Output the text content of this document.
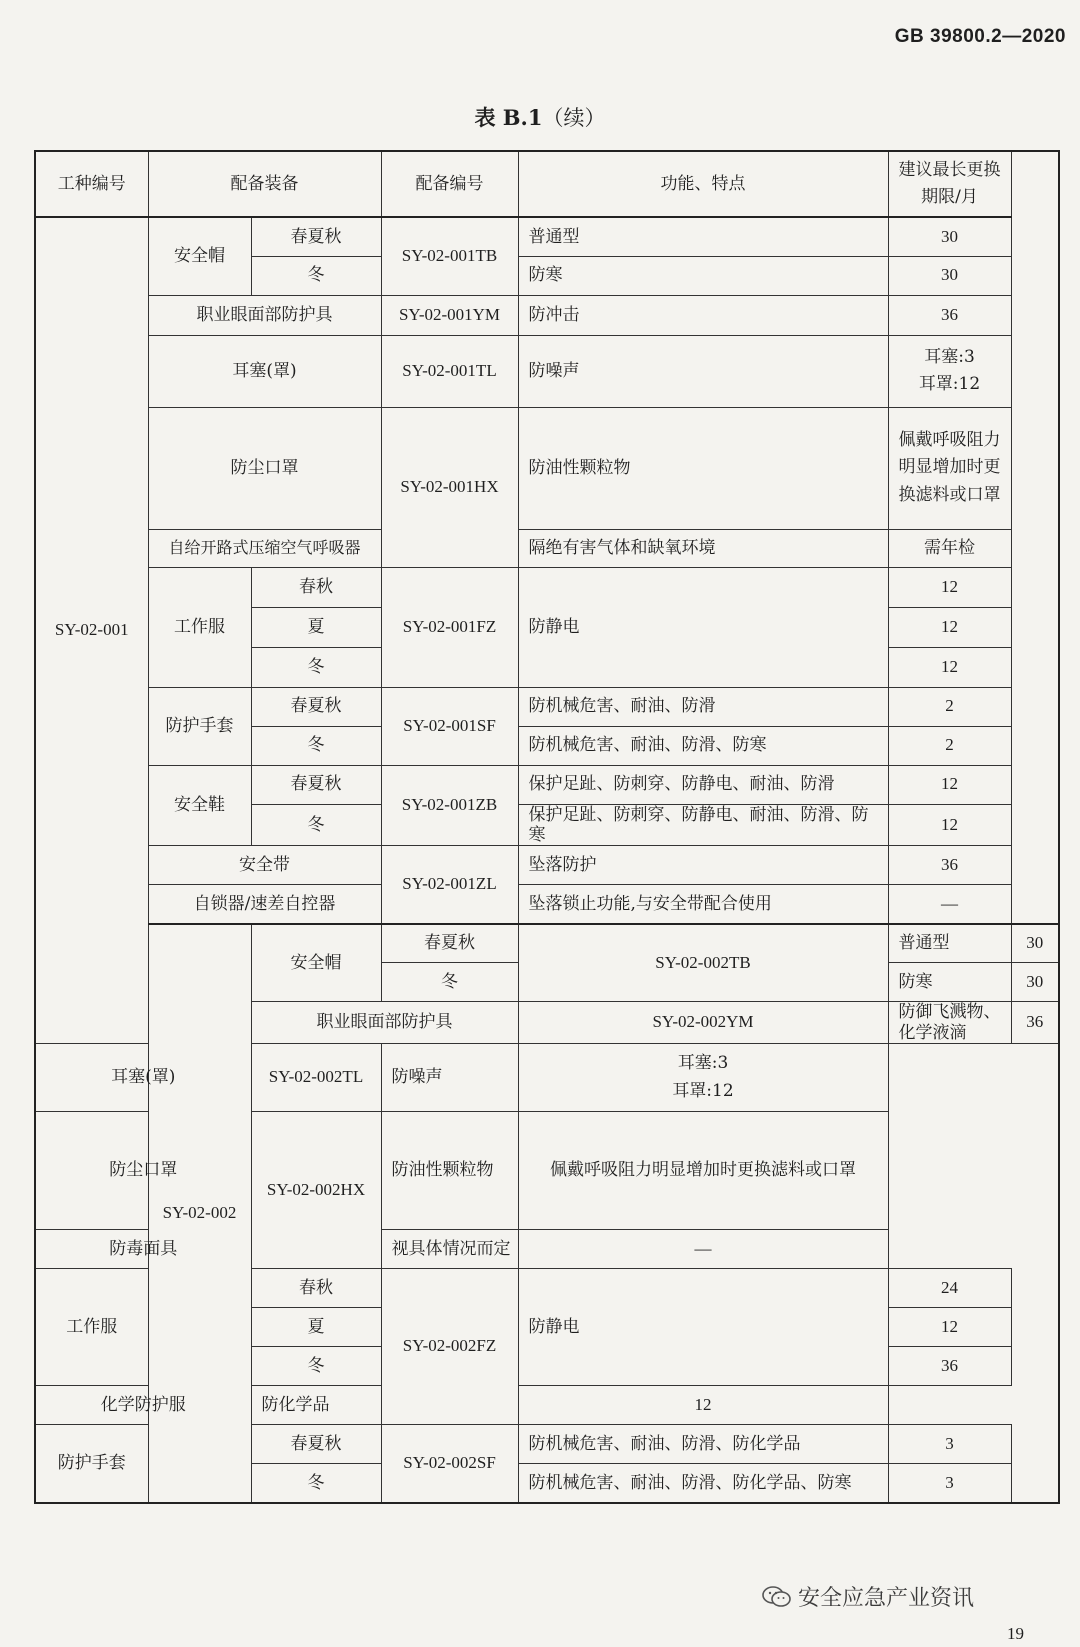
GB 39800.2—2020
表 B.1（续）
工种编号	配备装备		配备编号	功能、特点	建议最长更换期限/月	
SY-02-001	安全帽	春夏秋	SY-02-001TB	普通型	30	
		冬		防寒	30	
	职业眼面部防护具		SY-02-001YM	防冲击	36	
	耳塞(罩)		SY-02-001TL	防噪声	耳塞:3
耳罩:12	

	防尘口罩		SY-02-001HX	防油性颗粒物	佩戴呼吸阻力明显增加时更换滤料或口罩	
	自给开路式压缩空气呼吸器			隔绝有害气体和缺氧环境	需年检	
	工作服	春秋	SY-02-001FZ	防静电	12	
		夏			12	
		冬			12	
	防护手套	春夏秋	SY-02-001SF	防机械危害、耐油、防滑	2	
		冬		防机械危害、耐油、防滑、防寒	2	
	安全鞋	春夏秋	SY-02-001ZB	保护足趾、防刺穿、防静电、耐油、防滑	12	
		冬		保护足趾、防刺穿、防静电、耐油、防滑、防寒	12	
	安全带		SY-02-001ZL	坠落防护	36	
	自锁器/速差自控器			坠落锁止功能,与安全带配合使用	—	
	SY-02-002	安全帽	春夏秋	SY-02-002TB	普通型	30
			冬		防寒	30
		职业眼面部防护具		SY-02-002YM	防御飞溅物、化学液滴	36
耳塞(罩)		SY-02-002TL	防噪声	耳塞:3
耳罩:12		

防尘口罩		SY-02-002HX	防油性颗粒物	佩戴呼吸阻力明显增加时更换滤料或口罩		
防毒面具			视具体情况而定	—		
工作服		春秋	SY-02-002FZ	防静电	24	
		夏			12	
		冬			36	
化学防护服		防化学品		12		
防护手套		春夏秋	SY-02-002SF	防机械危害、耐油、防滑、防化学品	3	
		冬		防机械危害、耐油、防滑、防化学品、防寒	3	
安全应急产业资讯
19
